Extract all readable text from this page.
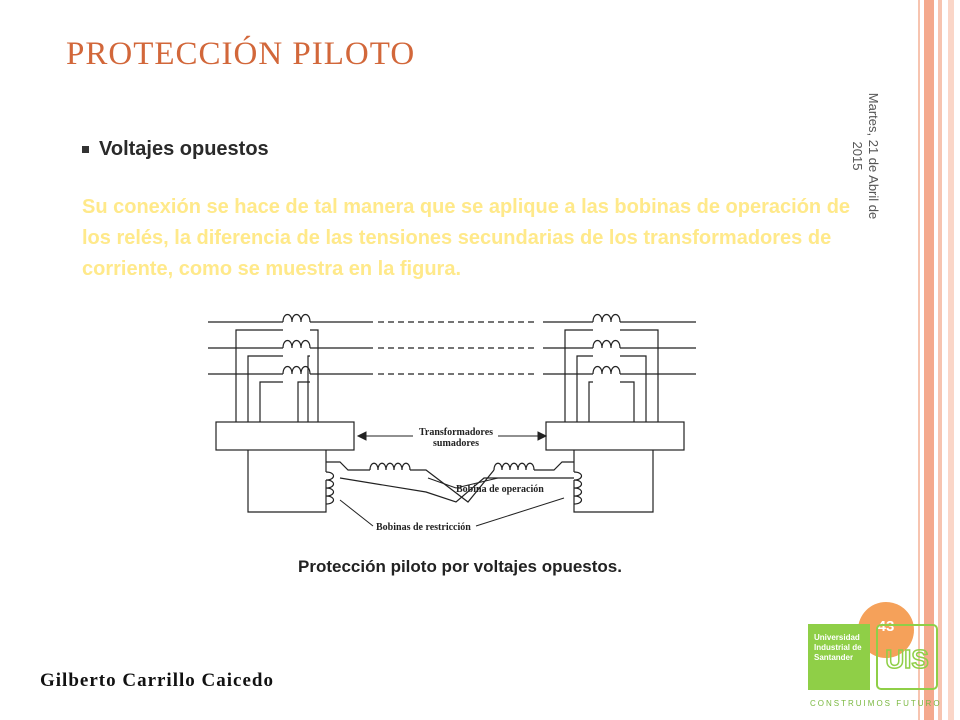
PROTECCIÓN PILOTO
Martes, 21 de Abril de 2015
Voltajes opuestos

Su conexión se hace de tal manera que se aplique a las bobinas de operación de los relés, la diferencia de las tensiones secundarias de los transformadores de corriente, como se muestra en la figura.

Transformadores
sumadores
Bobina de operación
Bobinas de restricción
Protección piloto por voltajes opuestos.
Gilberto Carrillo Caicedo
43
Universidad
Industrial de
Santander	UIS
CONSTRUIMOS FUTURO
